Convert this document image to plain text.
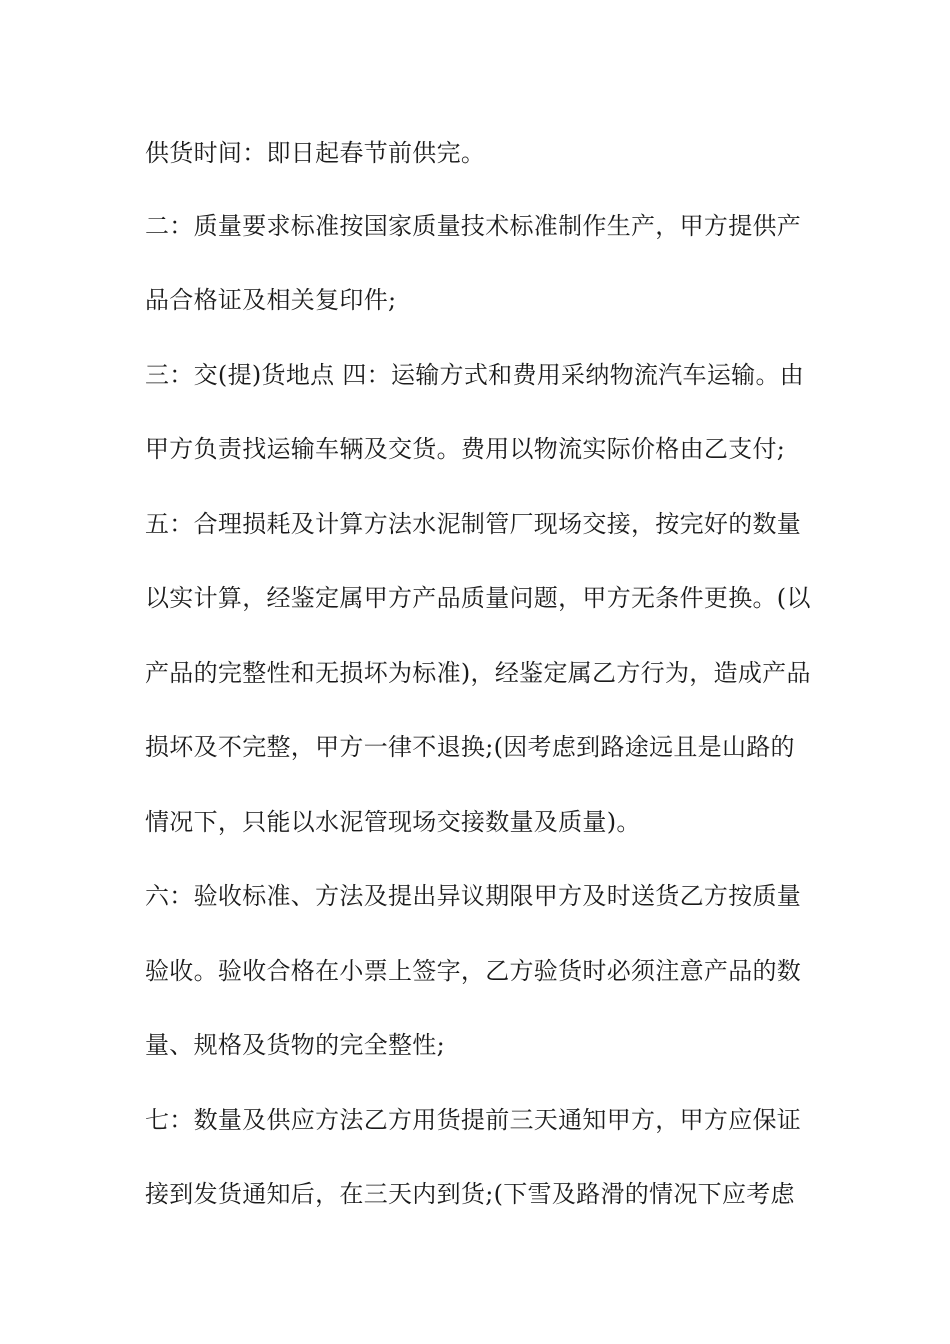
供货时间：即日起春节前供完。
二：质量要求标准按国家质量技术标准制作生产，甲方提供产
品合格证及相关复印件;
三：交(提)货地点 四：运输方式和费用采纳物流汽车运输。由
甲方负责找运输车辆及交货。费用以物流实际价格由乙支付;
五：合理损耗及计算方法水泥制管厂现场交接，按完好的数量
以实计算，经鉴定属甲方产品质量问题，甲方无条件更换。(以
产品的完整性和无损坏为标准)，经鉴定属乙方行为，造成产品
损坏及不完整，甲方一律不退换;(因考虑到路途远且是山路的
情况下，只能以水泥管现场交接数量及质量)。
六：验收标准、方法及提出异议期限甲方及时送货乙方按质量
验收。验收合格在小票上签字，乙方验货时必须注意产品的数
量、规格及货物的完全整性;
七：数量及供应方法乙方用货提前三天通知甲方，甲方应保证
接到发货通知后，在三天内到货;(下雪及路滑的情况下应考虑
